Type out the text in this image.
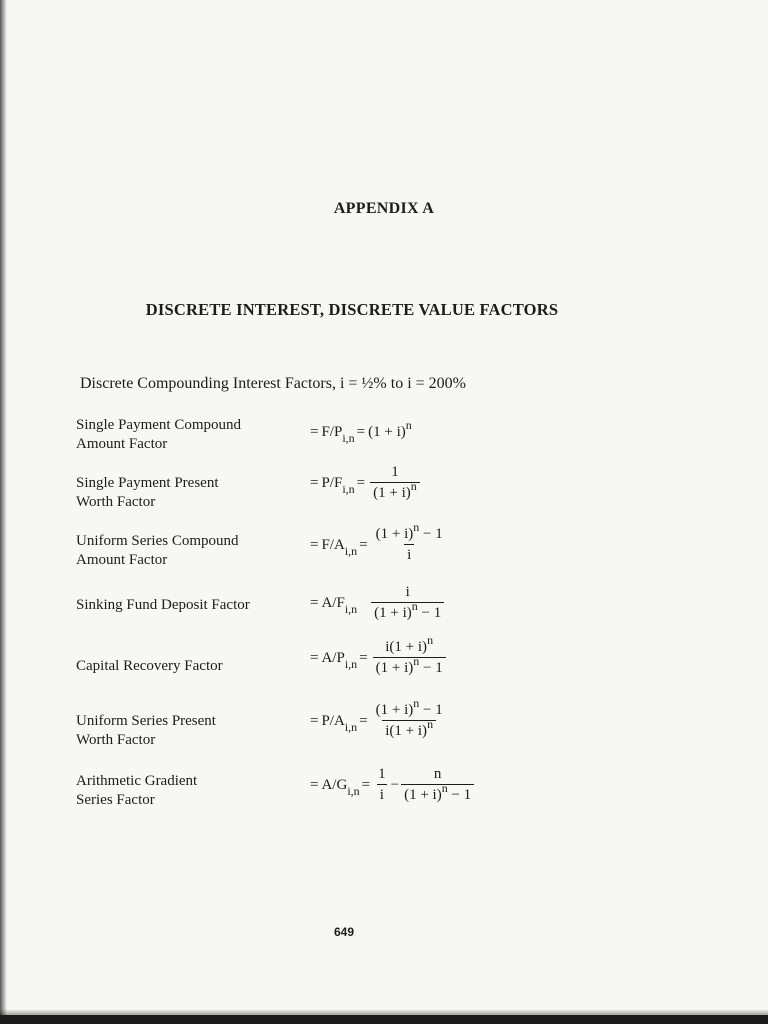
APPENDIX A
DISCRETE INTEREST, DISCRETE VALUE FACTORS
Discrete Compounding Interest Factors, i = ½% to i = 200%
Single Payment Compound
Amount Factor
= F/P i,n = (1 + i) n
Single Payment Present
Worth Factor
= P/F $i,n = \frac{1}{(1 + i)^n}$
Uniform Series Compound
Amount Factor
= F/A $i,n = \frac{(1 + i)^n - 1}{i}$
Sinking Fund Deposit Factor	= A/F $i,n \frac{i}{(1 + i)^n - 1}$
Capital Recovery Factor
= A/P $i,n = \frac{i(1 + i)^n}{(1 + i)^n - 1}$
Uniform Series Present
Worth Factor
= P/A $i,n = \frac{(1 + i)^n - 1}{i(1 + i)^n}$
Arithmetic Gradient
Series Factor
= A/G $i,n = \frac{1}{i} - \frac{n}{(1 + i)^n - 1}$
649
